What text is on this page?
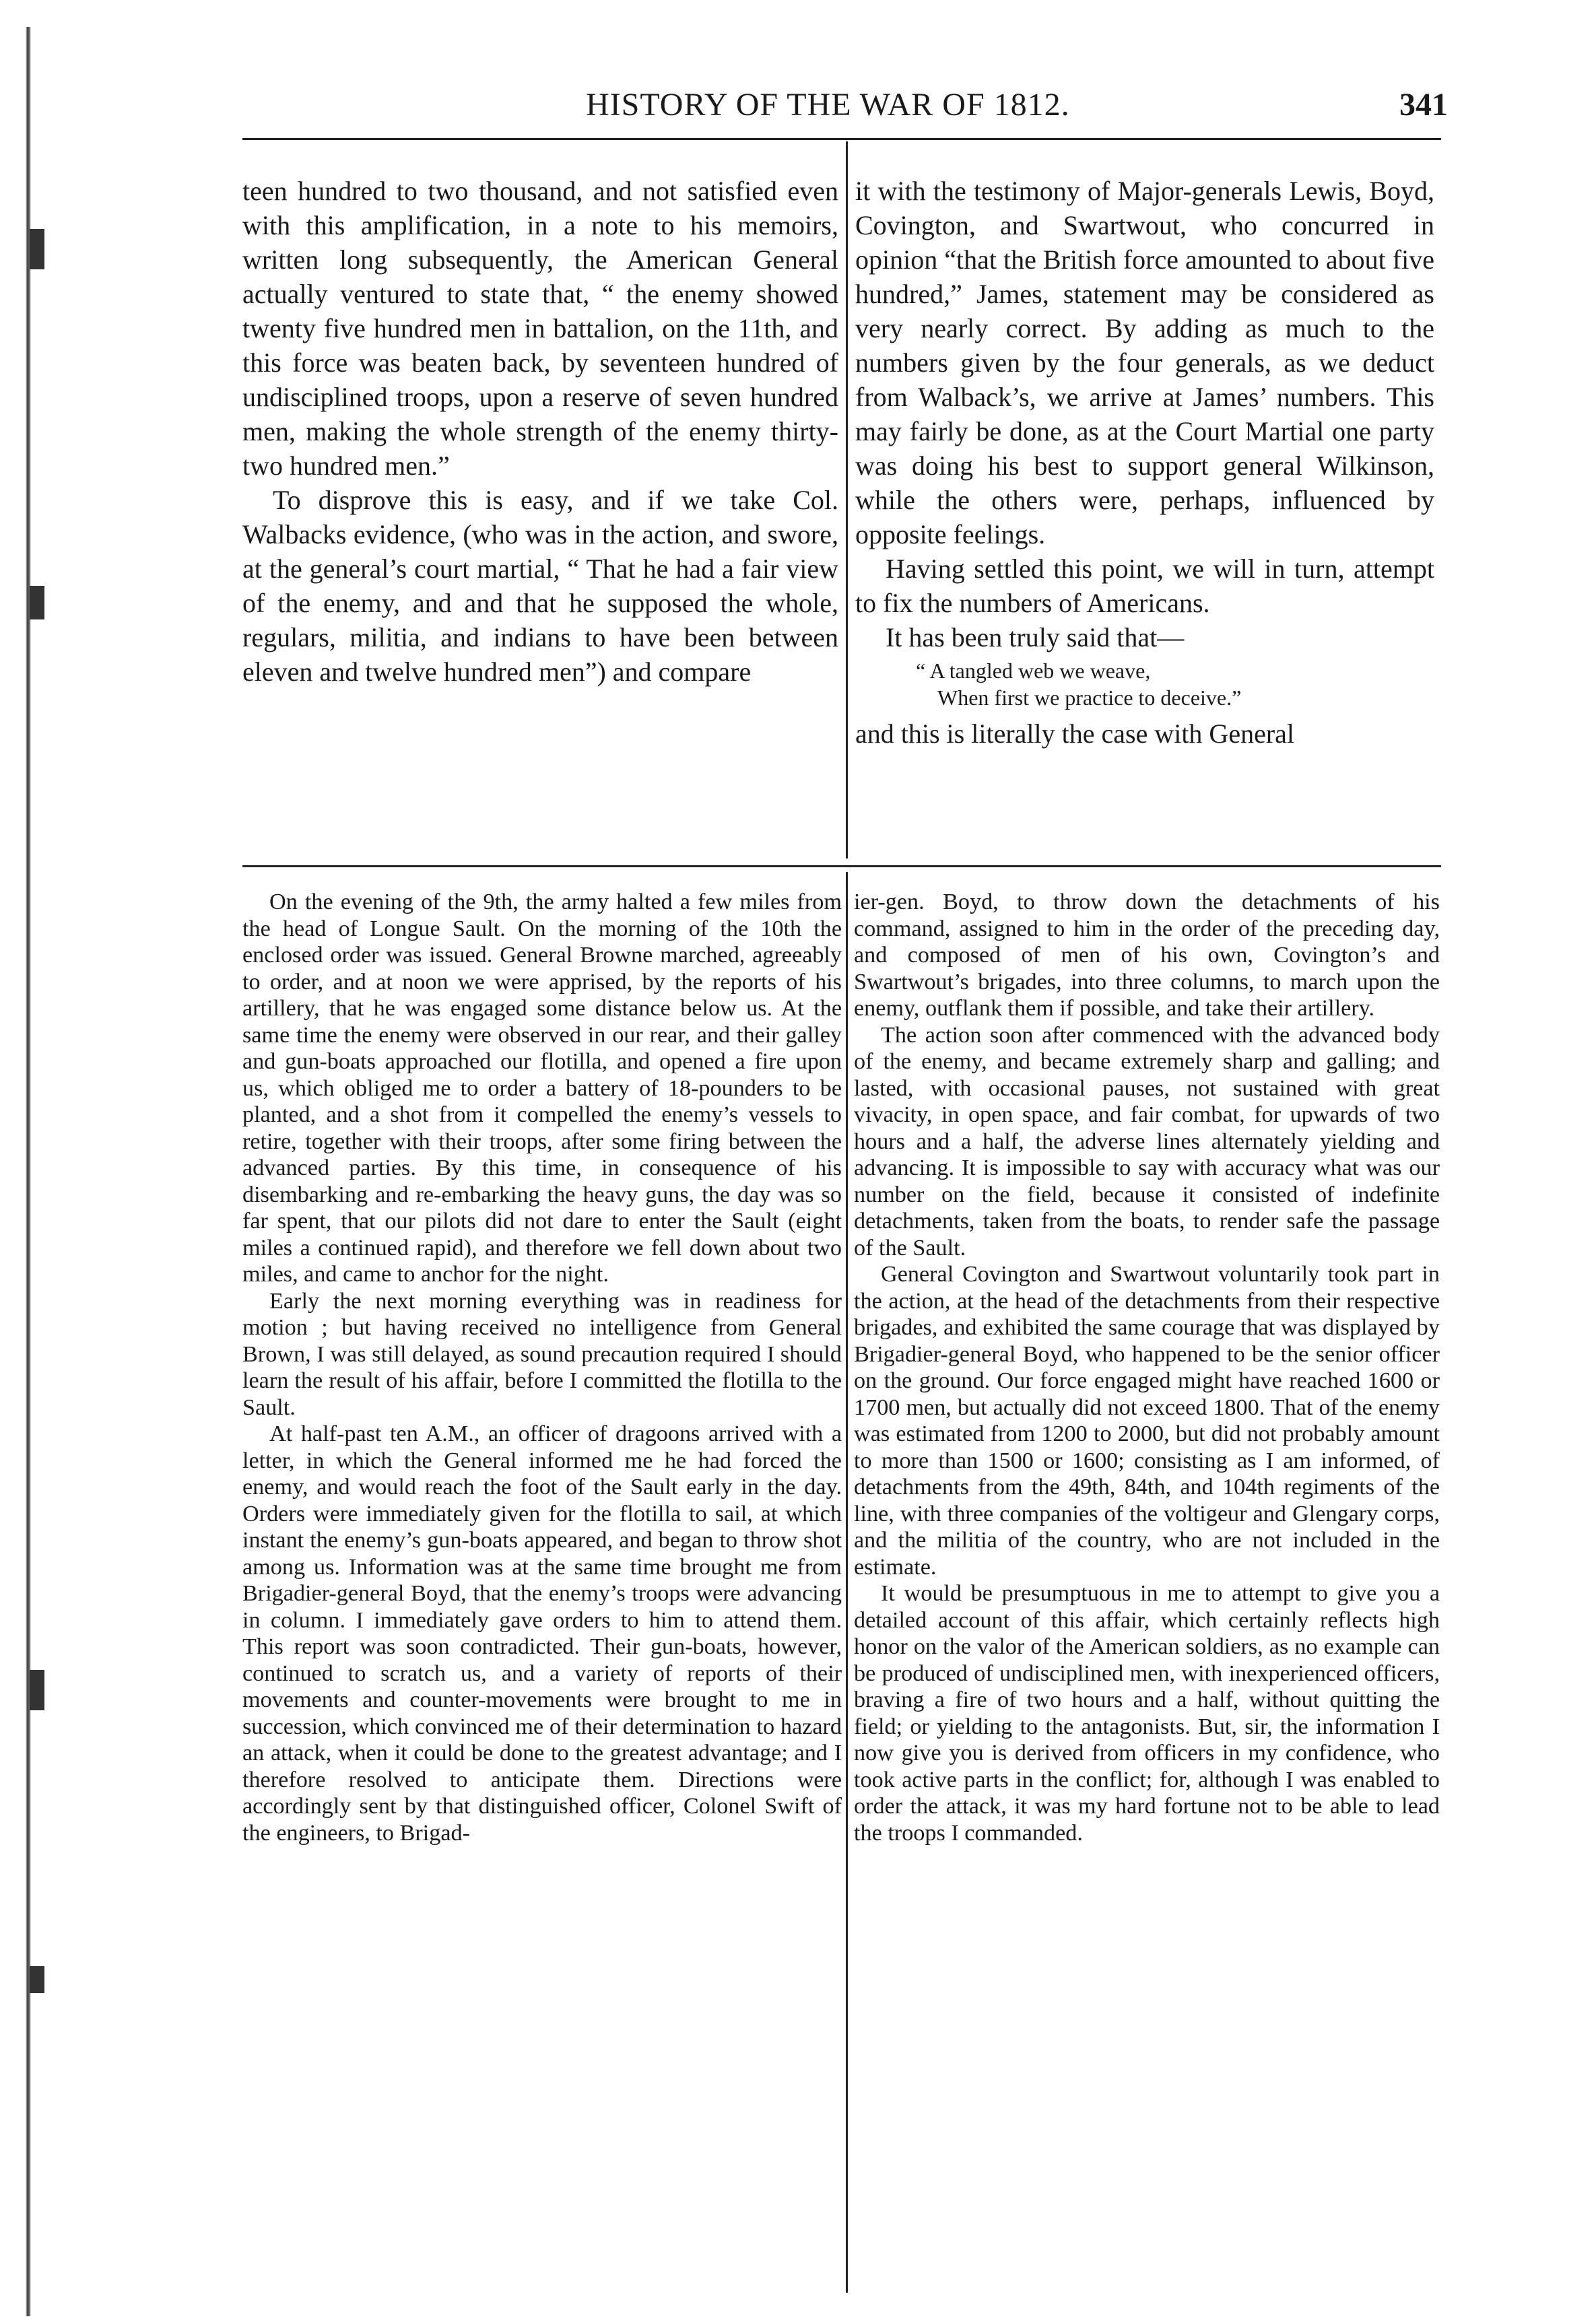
HISTORY OF THE WAR OF 1812.	341

teen hundred to two thousand, and not satisfied even with this amplification, in a note to his memoirs, written long subsequently, the American General actually ventured to state that, “ the enemy showed twenty five hundred men in battalion, on the 11th, and this force was beaten back, by seventeen hundred of undisciplined troops, upon a reserve of seven hundred men, making the whole strength of the enemy thirty-two hundred men.”

To disprove this is easy, and if we take Col. Walbacks evidence, (who was in the action, and swore, at the general’s court martial, “ That he had a fair view of the enemy, and and that he supposed the whole, regulars, militia, and indians to have been between eleven and twelve hundred men”) and compare

it with the testimony of Major-generals Lewis, Boyd, Covington, and Swartwout, who concurred in opinion “that the British force amounted to about five hundred,” James, statement may be considered as very nearly correct. By adding as much to the numbers given by the four generals, as we deduct from Walback’s, we arrive at James’ numbers. This may fairly be done, as at the Court Martial one party was doing his best to support general Wilkinson, while the others were, perhaps, influenced by opposite feelings.

Having settled this point, we will in turn, attempt to fix the numbers of Americans.

It has been truly said that—

“ A tangled web we weave,
When first we practice to deceive.”

and this is literally the case with General

On the evening of the 9th, the army halted a few miles from the head of Longue Sault. On the morning of the 10th the enclosed order was issued. General Browne marched, agreeably to order, and at noon we were apprised, by the reports of his artillery, that he was engaged some distance below us. At the same time the enemy were observed in our rear, and their galley and gun-boats approached our flotilla, and opened a fire upon us, which obliged me to order a battery of 18-pounders to be planted, and a shot from it compelled the enemy’s vessels to retire, together with their troops, after some firing between the advanced parties. By this time, in consequence of his disembarking and re-embarking the heavy guns, the day was so far spent, that our pilots did not dare to enter the Sault (eight miles a continued rapid), and therefore we fell down about two miles, and came to anchor for the night.

Early the next morning everything was in readiness for motion ; but having received no intelligence from General Brown, I was still delayed, as sound precaution required I should learn the result of his affair, before I committed the flotilla to the Sault.

At half-past ten A.M., an officer of dragoons arrived with a letter, in which the General informed me he had forced the enemy, and would reach the foot of the Sault early in the day. Orders were immediately given for the flotilla to sail, at which instant the enemy’s gun-boats appeared, and began to throw shot among us. Information was at the same time brought me from Brigadier-general Boyd, that the enemy’s troops were advancing in column. I immediately gave orders to him to attend them. This report was soon contradicted. Their gun-boats, however, continued to scratch us, and a variety of reports of their movements and counter-movements were brought to me in succession, which convinced me of their determination to hazard an attack, when it could be done to the greatest advantage; and I therefore resolved to anticipate them. Directions were accordingly sent by that distinguished officer, Colonel Swift of the engineers, to Brigad-

ier-gen. Boyd, to throw down the detachments of his command, assigned to him in the order of the preceding day, and composed of men of his own, Covington’s and Swartwout’s brigades, into three columns, to march upon the enemy, outflank them if possible, and take their artillery.

The action soon after commenced with the advanced body of the enemy, and became extremely sharp and galling; and lasted, with occasional pauses, not sustained with great vivacity, in open space, and fair combat, for upwards of two hours and a half, the adverse lines alternately yielding and advancing. It is impossible to say with accuracy what was our number on the field, because it consisted of indefinite detachments, taken from the boats, to render safe the passage of the Sault.

General Covington and Swartwout voluntarily took part in the action, at the head of the detachments from their respective brigades, and exhibited the same courage that was displayed by Brigadier-general Boyd, who happened to be the senior officer on the ground. Our force engaged might have reached 1600 or 1700 men, but actually did not exceed 1800. That of the enemy was estimated from 1200 to 2000, but did not probably amount to more than 1500 or 1600; consisting as I am informed, of detachments from the 49th, 84th, and 104th regiments of the line, with three companies of the voltigeur and Glengary corps, and the militia of the country, who are not included in the estimate.

It would be presumptuous in me to attempt to give you a detailed account of this affair, which certainly reflects high honor on the valor of the American soldiers, as no example can be produced of undisciplined men, with inexperienced officers, braving a fire of two hours and a half, without quitting the field; or yielding to the antagonists. But, sir, the information I now give you is derived from officers in my confidence, who took active parts in the conflict; for, although I was enabled to order the attack, it was my hard fortune not to be able to lead the troops I commanded.
